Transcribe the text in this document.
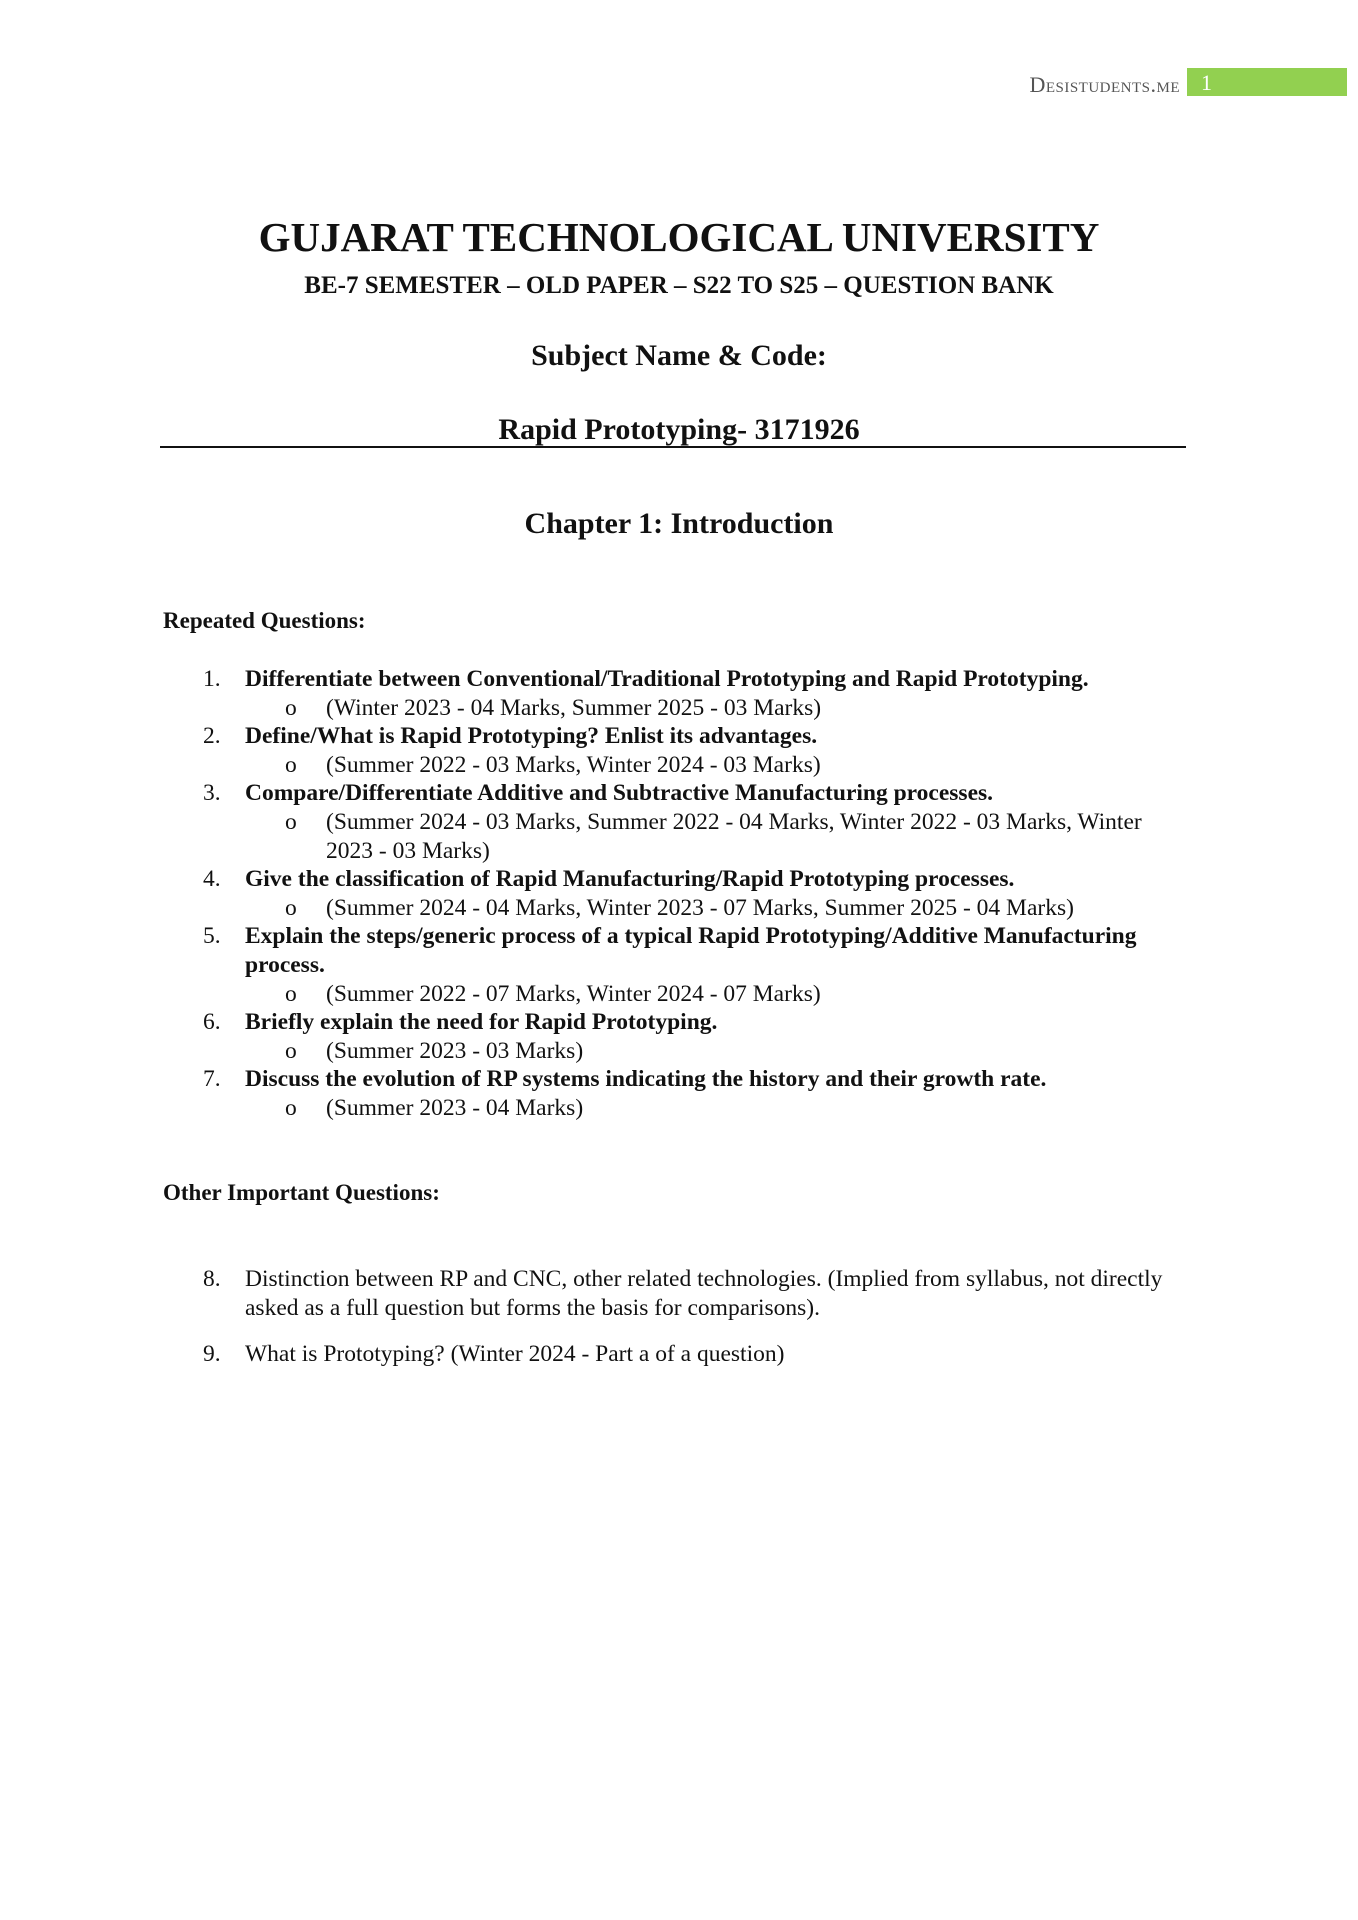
Desistudents.me 1
GUJARAT TECHNOLOGICAL UNIVERSITY
BE-7 SEMESTER – OLD PAPER – S22 TO S25 – QUESTION BANK
Subject Name & Code:
Rapid Prototyping- 3171926
Chapter 1: Introduction
Repeated Questions:
1.	Differentiate between Conventional/Traditional Prototyping and Rapid Prototyping.
o (Winter 2023 - 04 Marks, Summer 2025 - 03 Marks)
2.	Define/What is Rapid Prototyping? Enlist its advantages.
o (Summer 2022 - 03 Marks, Winter 2024 - 03 Marks)
3.	Compare/Differentiate Additive and Subtractive Manufacturing processes.
o (Summer 2024 - 03 Marks, Summer 2022 - 04 Marks, Winter 2022 - 03 Marks, Winter 2023 - 03 Marks)
4.	Give the classification of Rapid Manufacturing/Rapid Prototyping processes.
o (Summer 2024 - 04 Marks, Winter 2023 - 07 Marks, Summer 2025 - 04 Marks)
5.	Explain the steps/generic process of a typical Rapid Prototyping/Additive Manufacturing process.
o (Summer 2022 - 07 Marks, Winter 2024 - 07 Marks)
6.	Briefly explain the need for Rapid Prototyping.
o (Summer 2023 - 03 Marks)
7.	Discuss the evolution of RP systems indicating the history and their growth rate.
o (Summer 2023 - 04 Marks)
Other Important Questions:
8.	Distinction between RP and CNC, other related technologies. (Implied from syllabus, not directly asked as a full question but forms the basis for comparisons).
9.	What is Prototyping? (Winter 2024 - Part a of a question)
